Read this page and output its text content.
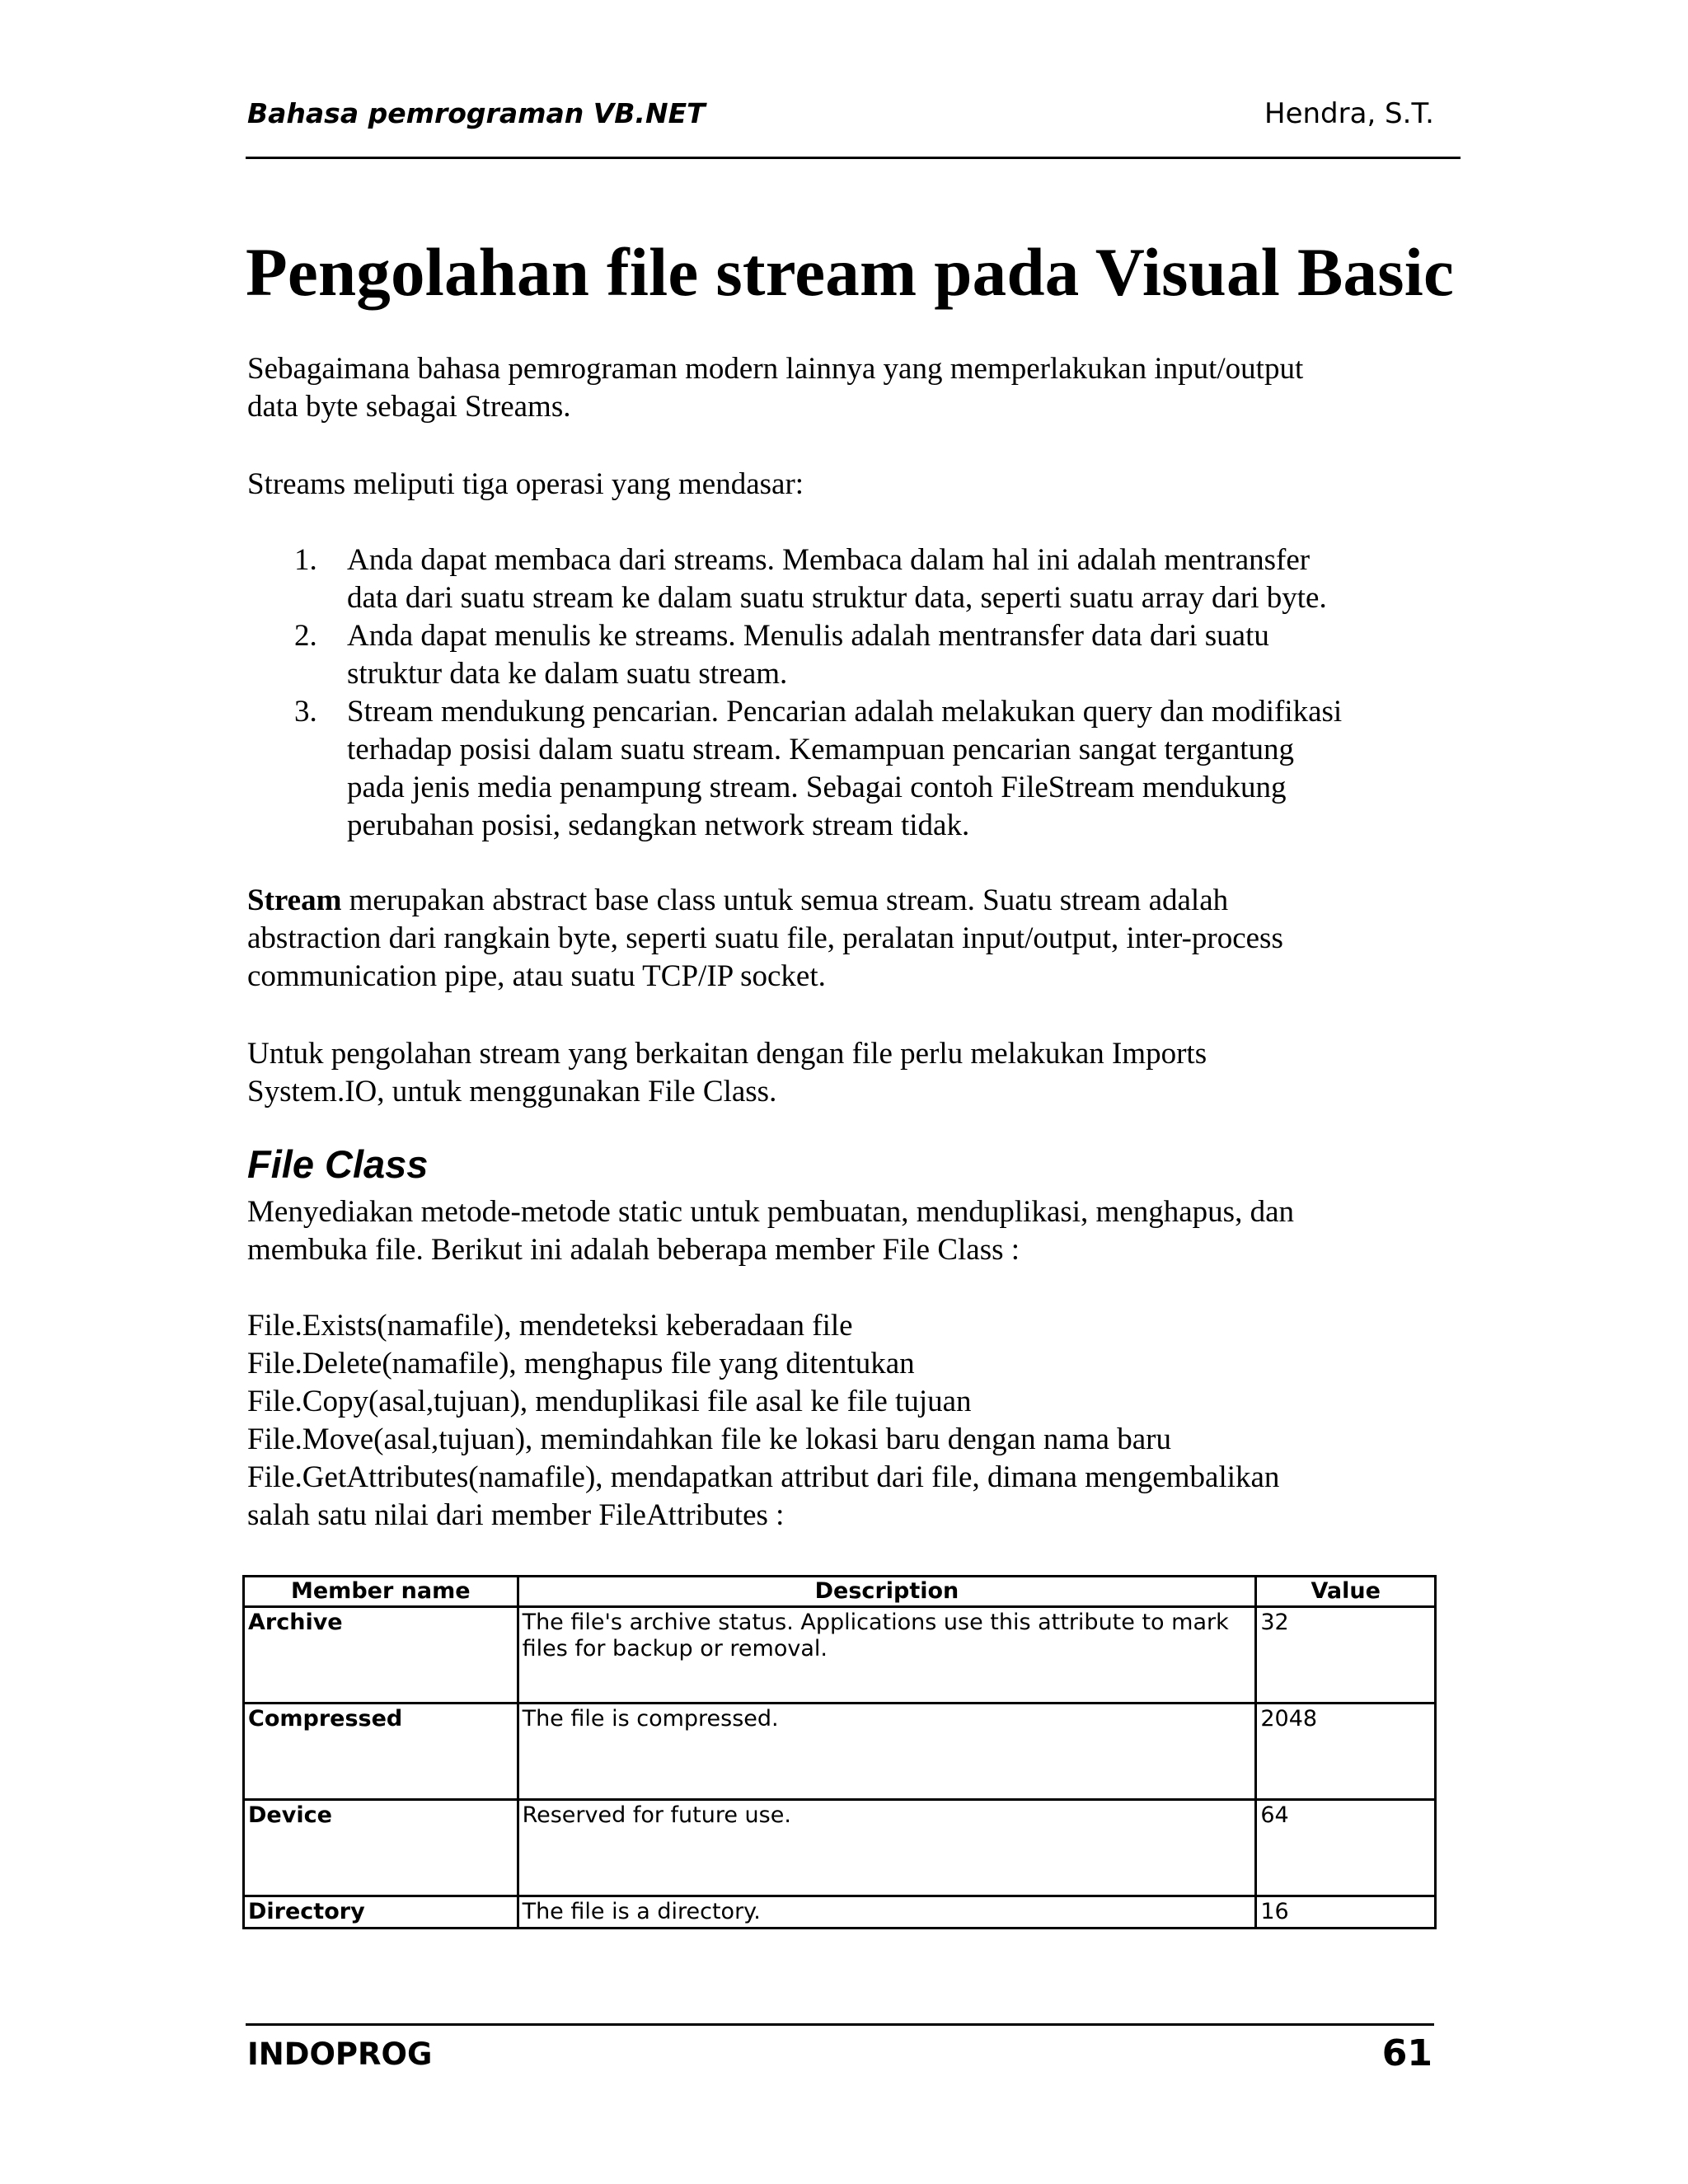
Bahasa pemrograman VB.NET	Hendra, S.T.
Pengolahan file stream pada Visual Basic
Sebagaimana bahasa pemrograman modern lainnya yang memperlakukan input/output
data byte sebagai Streams.
Streams meliputi tiga operasi yang mendasar:
1. Anda dapat membaca dari streams. Membaca dalam hal ini adalah mentransfer
data dari suatu stream ke dalam suatu struktur data, seperti suatu array dari byte.
2. Anda dapat menulis ke streams. Menulis adalah mentransfer data dari suatu
struktur data ke dalam suatu stream.
3. Stream mendukung pencarian. Pencarian adalah melakukan query dan modifikasi
terhadap posisi dalam suatu stream. Kemampuan pencarian sangat tergantung
pada jenis media penampung stream. Sebagai contoh FileStream mendukung
perubahan posisi, sedangkan network stream tidak.
Stream merupakan abstract base class untuk semua stream. Suatu stream adalah
abstraction dari rangkain byte, seperti suatu file, peralatan input/output, inter-process
communication pipe, atau suatu TCP/IP socket.
Untuk pengolahan stream yang berkaitan dengan file perlu melakukan Imports
System.IO, untuk menggunakan File Class.
File Class
Menyediakan metode-metode static untuk pembuatan, menduplikasi, menghapus, dan
membuka file. Berikut ini adalah beberapa member File Class :
File.Exists(namafile), mendeteksi keberadaan file
File.Delete(namafile), menghapus file yang ditentukan
File.Copy(asal,tujuan), menduplikasi file asal ke file tujuan
File.Move(asal,tujuan), memindahkan file ke lokasi baru dengan nama baru
File.GetAttributes(namafile), mendapatkan attribut dari file, dimana mengembalikan
salah satu nilai dari member FileAttributes :
Member name	Description	Value
Archive	The file's archive status. Applications use this attribute to mark
files for backup or removal.	32
Compressed	The file is compressed.	2048
Device	Reserved for future use.	64
Directory	The file is a directory.	16
INDOPROG	61
